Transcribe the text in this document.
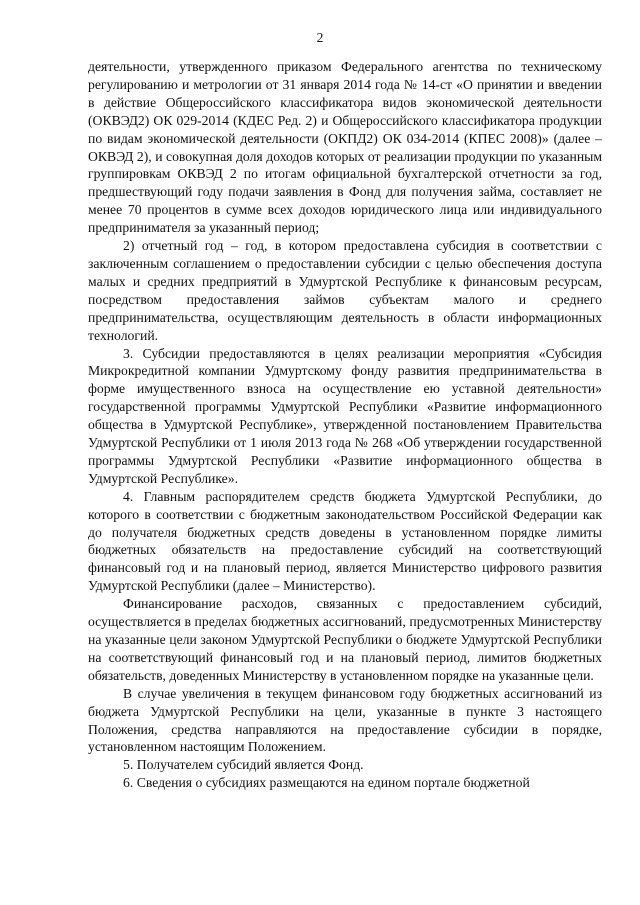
2

деятельности, утвержденного приказом Федерального агентства по техническому регулированию и метрологии от 31 января 2014 года № 14-ст «О принятии и введении в действие Общероссийского классификатора видов экономической деятельности (ОКВЭД2) ОК 029-2014 (КДЕС Ред. 2) и Общероссийского классификатора продукции по видам экономической деятельности (ОКПД2) ОК 034-2014 (КПЕС 2008)» (далее – ОКВЭД 2), и совокупная доля доходов которых от реализации продукции по указанным группировкам ОКВЭД 2 по итогам официальной бухгалтерской отчетности за год, предшествующий году подачи заявления в Фонд для получения займа, составляет не менее 70 процентов в сумме всех доходов юридического лица или индивидуального предпринимателя за указанный период;

2) отчетный год – год, в котором предоставлена субсидия в соответствии с заключенным соглашением о предоставлении субсидии с целью обеспечения доступа малых и средних предприятий в Удмуртской Республике к финансовым ресурсам, посредством предоставления займов субъектам малого и среднего предпринимательства, осуществляющим деятельность в области информационных технологий.

3. Субсидии предоставляются в целях реализации мероприятия «Субсидия Микрокредитной компании Удмуртскому фонду развития предпринимательства в форме имущественного взноса на осуществление ею уставной деятельности» государственной программы Удмуртской Республики «Развитие информационного общества в Удмуртской Республике», утвержденной постановлением Правительства Удмуртской Республики от 1 июля 2013 года № 268 «Об утверждении государственной программы Удмуртской Республики «Развитие информационного общества в Удмуртской Республике».

4. Главным распорядителем средств бюджета Удмуртской Республики, до которого в соответствии с бюджетным законодательством Российской Федерации как до получателя бюджетных средств доведены в установленном порядке лимиты бюджетных обязательств на предоставление субсидий на соответствующий финансовый год и на плановый период, является Министерство цифрового развития Удмуртской Республики (далее – Министерство).

Финансирование расходов, связанных с предоставлением субсидий, осуществляется в пределах бюджетных ассигнований, предусмотренных Министерству на указанные цели законом Удмуртской Республики о бюджете Удмуртской Республики на соответствующий финансовый год и на плановый период, лимитов бюджетных обязательств, доведенных Министерству в установленном порядке на указанные цели.

В случае увеличения в текущем финансовом году бюджетных ассигнований из бюджета Удмуртской Республики на цели, указанные в пункте 3 настоящего Положения, средства направляются на предоставление субсидии в порядке, установленном настоящим Положением.

5. Получателем субсидий является Фонд.

6. Сведения о субсидиях размещаются на едином портале бюджетной
